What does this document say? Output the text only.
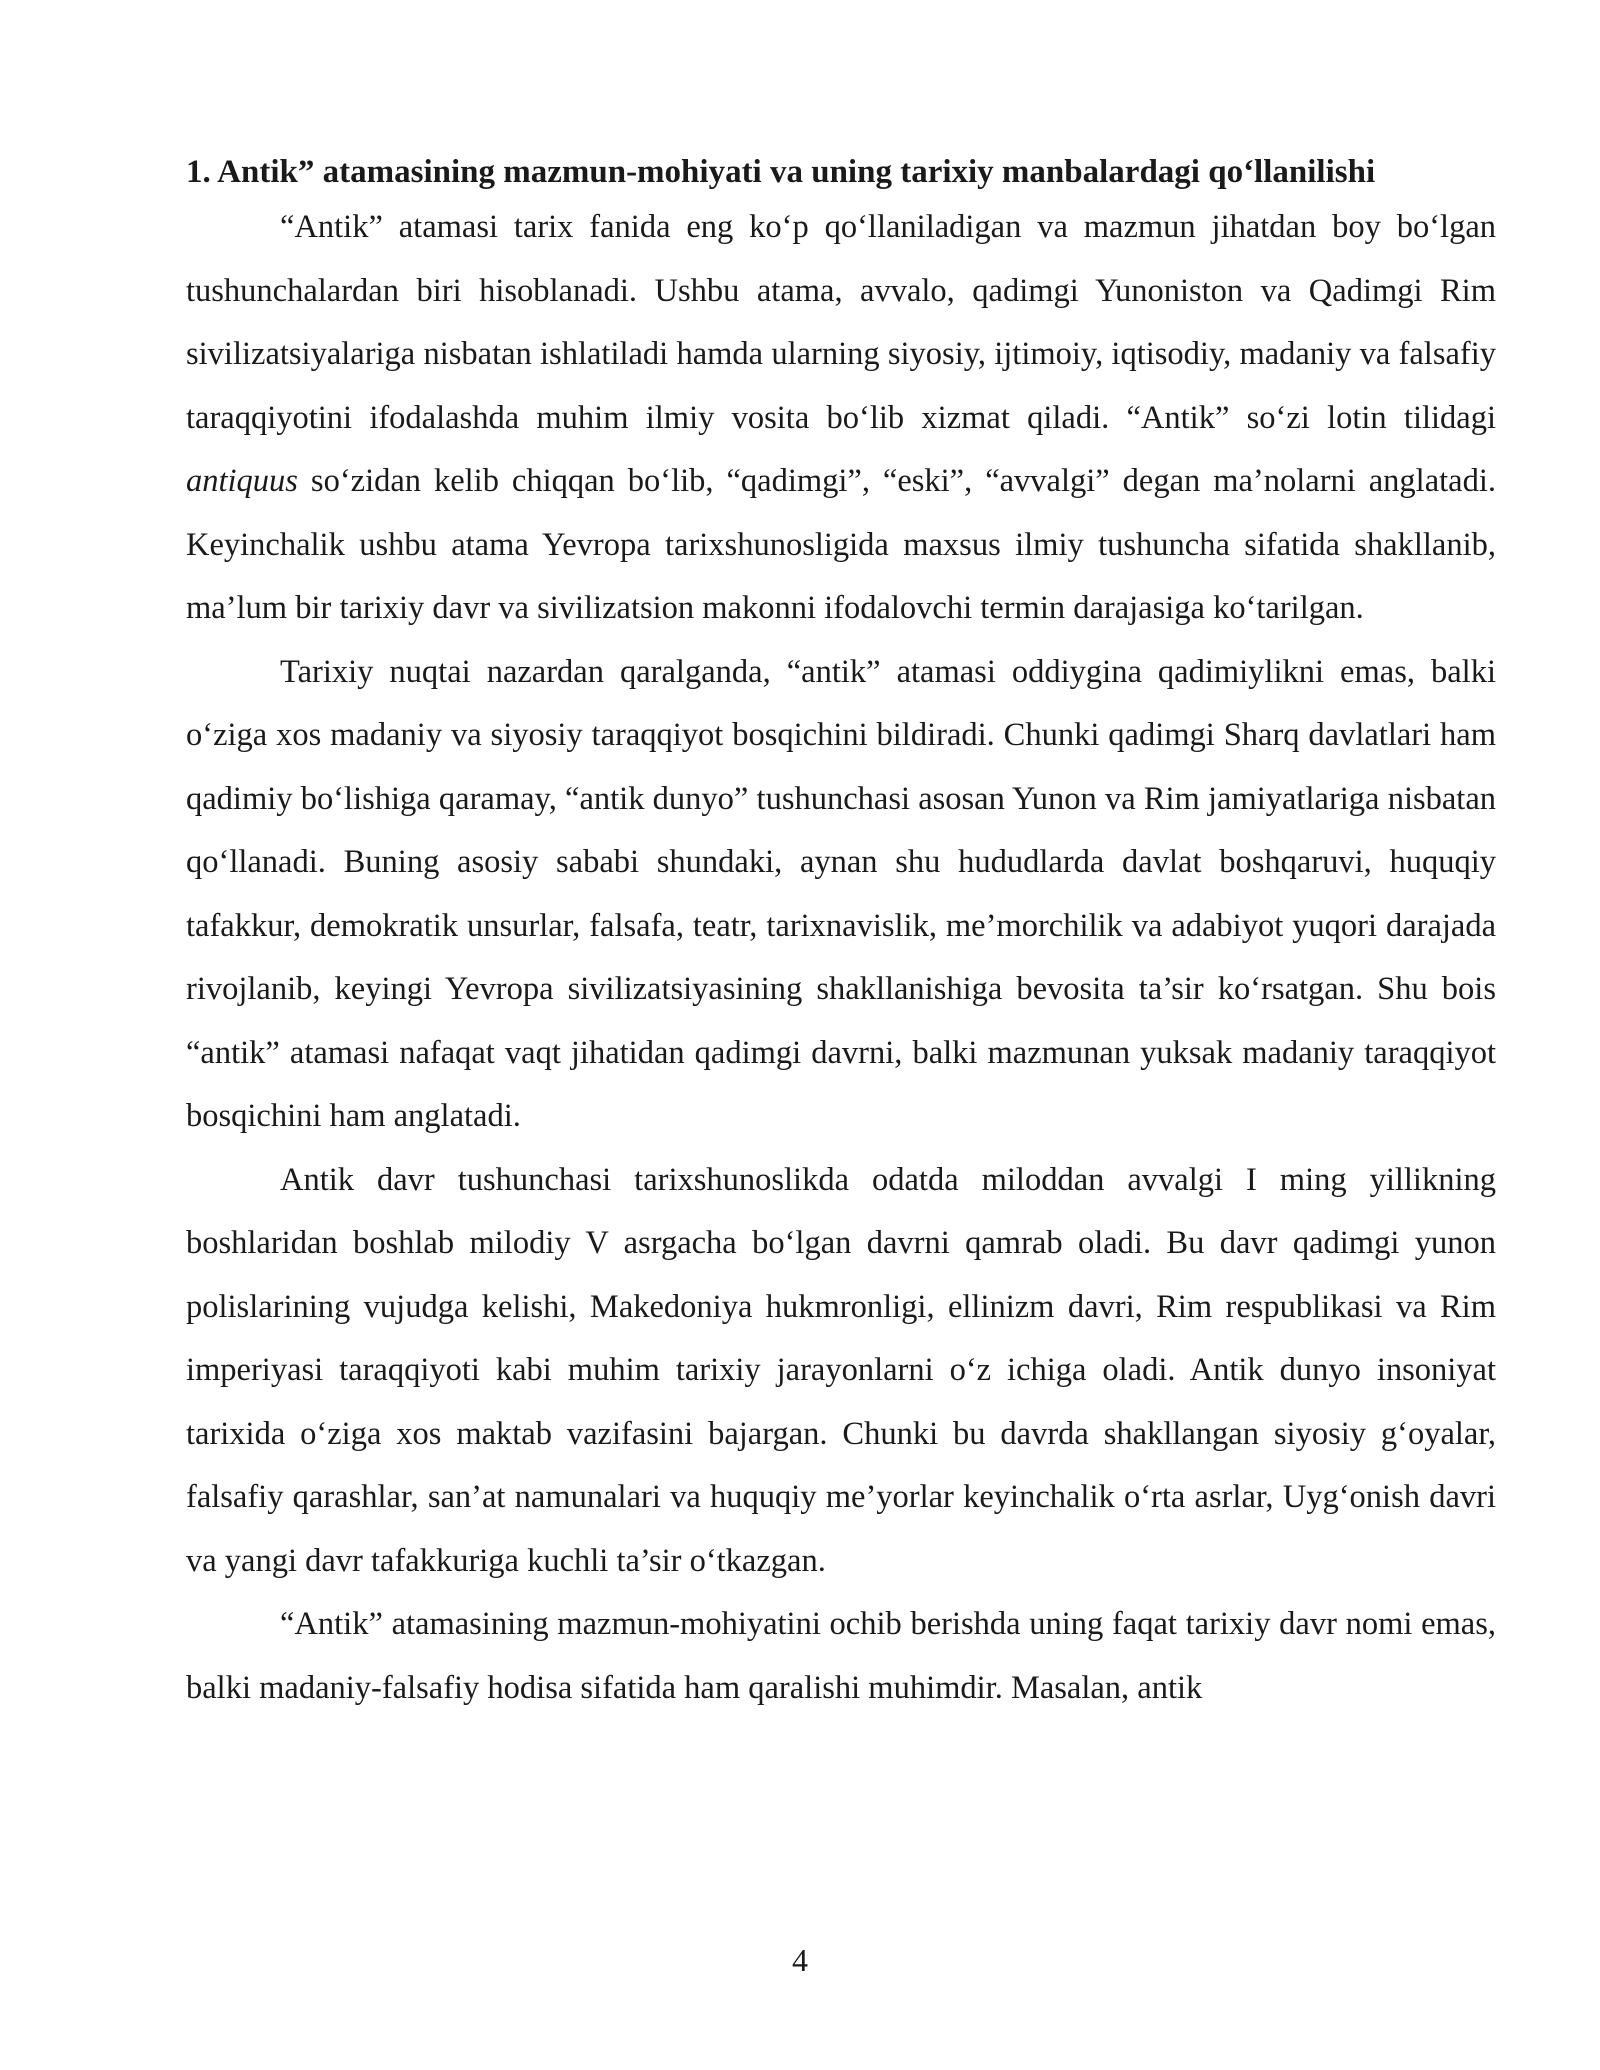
1. Antik” atamasining mazmun-mohiyati va uning tarixiy manbalardagi qo‘llanilishi

“Antik” atamasi tarix fanida eng ko‘p qo‘llaniladigan va mazmun jihatdan boy bo‘lgan tushunchalardan biri hisoblanadi. Ushbu atama, avvalo, qadimgi Yunoniston va Qadimgi Rim sivilizatsiyalariga nisbatan ishlatiladi hamda ularning siyosiy, ijtimoiy, iqtisodiy, madaniy va falsafiy taraqqiyotini ifodalashda muhim ilmiy vosita bo‘lib xizmat qiladi. “Antik” so‘zi lotin tilidagi antiquus so‘zidan kelib chiqqan bo‘lib, “qadimgi”, “eski”, “avvalgi” degan ma’nolarni anglatadi. Keyinchalik ushbu atama Yevropa tarixshunosligida maxsus ilmiy tushuncha sifatida shakllanib, ma’lum bir tarixiy davr va sivilizatsion makonni ifodalovchi termin darajasiga ko‘tarilgan.

Tarixiy nuqtai nazardan qaralganda, “antik” atamasi oddiygina qadimiylikni emas, balki o‘ziga xos madaniy va siyosiy taraqqiyot bosqichini bildiradi. Chunki qadimgi Sharq davlatlari ham qadimiy bo‘lishiga qaramay, “antik dunyo” tushunchasi asosan Yunon va Rim jamiyatlariga nisbatan qo‘llanadi. Buning asosiy sababi shundaki, aynan shu hududlarda davlat boshqaruvi, huquqiy tafakkur, demokratik unsurlar, falsafa, teatr, tarixnavislik, me’morchilik va adabiyot yuqori darajada rivojlanib, keyingi Yevropa sivilizatsiyasining shakllanishiga bevosita ta’sir ko‘rsatgan. Shu bois “antik” atamasi nafaqat vaqt jihatidan qadimgi davrni, balki mazmunan yuksak madaniy taraqqiyot bosqichini ham anglatadi.

Antik davr tushunchasi tarixshunoslikda odatda miloddan avvalgi I ming yillikning boshlaridan boshlab milodiy V asrgacha bo‘lgan davrni qamrab oladi. Bu davr qadimgi yunon polislarining vujudga kelishi, Makedoniya hukmronligi, ellinizm davri, Rim respublikasi va Rim imperiyasi taraqqiyoti kabi muhim tarixiy jarayonlarni o‘z ichiga oladi. Antik dunyo insoniyat tarixida o‘ziga xos maktab vazifasini bajargan. Chunki bu davrda shakllangan siyosiy g‘oyalar, falsafiy qarashlar, san’at namunalari va huquqiy me’yorlar keyinchalik o‘rta asrlar, Uyg‘onish davri va yangi davr tafakkuriga kuchli ta’sir o‘tkazgan.

“Antik” atamasining mazmun-mohiyatini ochib berishda uning faqat tarixiy davr nomi emas, balki madaniy-falsafiy hodisa sifatida ham qaralishi muhimdir. Masalan, antik

4
